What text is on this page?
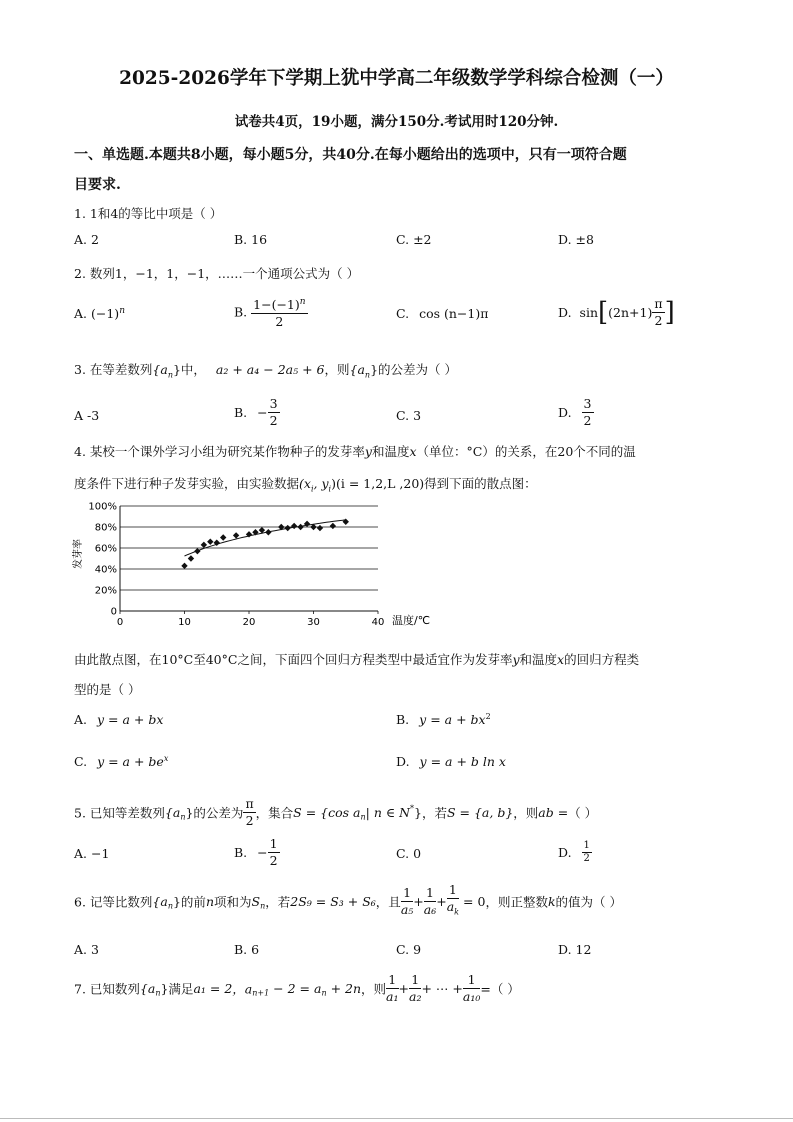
2025-2026学年下学期上犹中学高二年级数学学科综合检测（一）
试卷共4页，19小题，满分150分.考试用时120分钟.
一、单选题.本题共8小题，每小题5分，共40分.在每小题给出的选项中，只有一项符合题
目要求.
1. 1和4的等比中项是（ ）
A. 2	B. 16	C. ±2	D. ±8
2. 数列1，−1，1，−1，……一个通项公式为（ ）
A. $(-1)^n$	B. $\frac{1-(-1)^n}{2}$	C. cos (n−1)π	D. $\sin[(2n+1) \frac{\pi}{2}$ ]
3. 在等差数列$\{a_n\}$中， a₂ + a₄ − 2a₅ + 6，则$\{a_n\}$的公差为（ ）
A -3	B. − $\frac{3}{2}$	C. 3	D. $\frac{3}{2}$
4. 某校一个课外学习小组为研究某作物种子的发芽率y和温度x（单位：°C）的关系，在20个不同的温
度条件下进行种子发芽实验，由实验数据($x_i$, $y_i)(i = 1,2,L$ ,20)得到下面的散点图：
0
20%
40%
60%
80%
100%
0	10	20	30	40
发芽率
温度/℃
由此散点图，在10°C至40°C之间，下面四个回归方程类型中最适宜作为发芽率y和温度x的回归方程类
型的是（ ）
A. y = a + bx	B. $y = a + bx^2$
C. $y = a + be^x$	D. y = a + b ln x
5. 已知等差数列$\{a_n\}$的公差为 $\frac{\pi}{2}$ ，集合S = {cos $a_n|$ n ∈ N*}，若S = {a, b}，则ab =（ ）
A. −1	B. − $\frac{1}{2}$	C. 0	D. $\frac{1}{2}$
6. 记等比数列$\{a_n\}$的前n项和为$S_n$，若2S₉ = S₃ + S₆，且 $\frac{1}{\text{a₅}} + \frac{1}{\text{a₆}} + \frac{1}{a_k} = 0$，则正整数k的值为（ ）
A. 3	B. 6	C. 9	D. 12
7. 已知数列$\{a_n\}$满足a₁ = 2，$a_{n+1} - 2 = a_n + 2n$，则 $\frac{1}{\text{a₁}} + \frac{1}{\text{a₂}}$ + ⋯ + $\frac{1}{\text{a₁₀}}$ =（ ）
